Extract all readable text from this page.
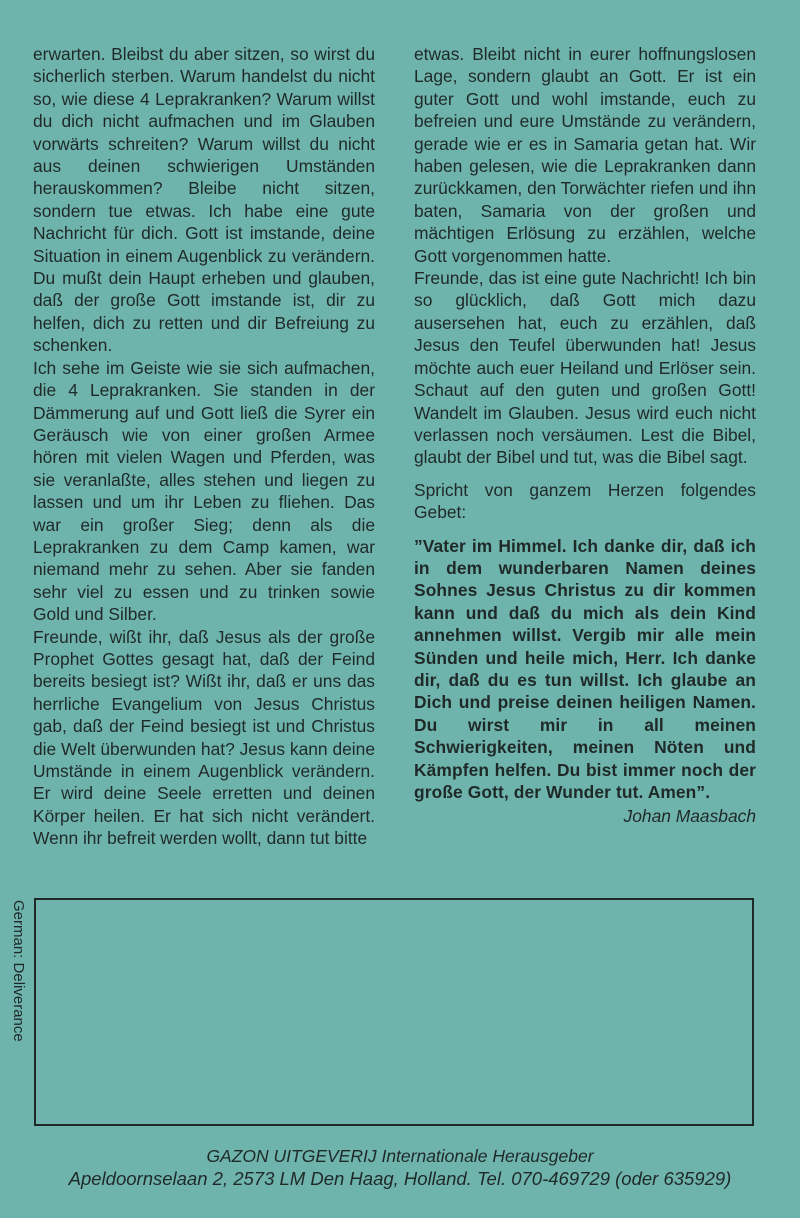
erwarten. Bleibst du aber sitzen, so wirst du sicherlich sterben. Warum handelst du nicht so, wie diese 4 Leprakranken? Warum willst du dich nicht aufmachen und im Glauben vorwärts schreiten? Warum willst du nicht aus deinen schwierigen Umständen herauskommen? Bleibe nicht sitzen, sondern tue etwas. Ich habe eine gute Nachricht für dich. Gott ist imstande, deine Situation in einem Augenblick zu verändern. Du mußt dein Haupt erheben und glauben, daß der große Gott imstande ist, dir zu helfen, dich zu retten und dir Befreiung zu schenken.

Ich sehe im Geiste wie sie sich aufmachen, die 4 Leprakranken. Sie standen in der Dämmerung auf und Gott ließ die Syrer ein Geräusch wie von einer großen Armee hören mit vielen Wagen und Pferden, was sie veranlaßte, alles stehen und liegen zu lassen und um ihr Leben zu fliehen. Das war ein großer Sieg; denn als die Leprakranken zu dem Camp kamen, war niemand mehr zu sehen. Aber sie fanden sehr viel zu essen und zu trinken sowie Gold und Silber.

Freunde, wißt ihr, daß Jesus als der große Prophet Gottes gesagt hat, daß der Feind bereits besiegt ist? Wißt ihr, daß er uns das herrliche Evangelium von Jesus Christus gab, daß der Feind besiegt ist und Christus die Welt überwunden hat? Jesus kann deine Umstände in einem Augenblick verändern. Er wird deine Seele erretten und deinen Körper heilen. Er hat sich nicht verändert. Wenn ihr befreit werden wollt, dann tut bitte

etwas. Bleibt nicht in eurer hoffnungslosen Lage, sondern glaubt an Gott. Er ist ein guter Gott und wohl imstande, euch zu befreien und eure Umstände zu verändern, gerade wie er es in Samaria getan hat. Wir haben gelesen, wie die Leprakranken dann zurückkamen, den Torwächter riefen und ihn baten, Samaria von der großen und mächtigen Erlösung zu erzählen, welche Gott vorgenommen hatte.

Freunde, das ist eine gute Nachricht! Ich bin so glücklich, daß Gott mich dazu ausersehen hat, euch zu erzählen, daß Jesus den Teufel überwunden hat! Jesus möchte auch euer Heiland und Erlöser sein. Schaut auf den guten und großen Gott! Wandelt im Glauben. Jesus wird euch nicht verlassen noch versäumen. Lest die Bibel, glaubt der Bibel und tut, was die Bibel sagt.

Spricht von ganzem Herzen folgendes Gebet:

”Vater im Himmel. Ich danke dir, daß ich in dem wunderbaren Namen deines Sohnes Jesus Christus zu dir kommen kann und daß du mich als dein Kind annehmen willst. Vergib mir alle mein Sünden und heile mich, Herr. Ich danke dir, daß du es tun willst. Ich glaube an Dich und preise deinen heiligen Namen. Du wirst mir in all meinen Schwierigkeiten, meinen Nöten und Kämpfen helfen. Du bist immer noch der große Gott, der Wunder tut. Amen”.

Johan Maasbach

German: Deliverance
GAZON UITGEVERIJ Internationale Herausgeber
Apeldoornselaan 2, 2573 LM Den Haag, Holland. Tel. 070-469729 (oder 635929)
